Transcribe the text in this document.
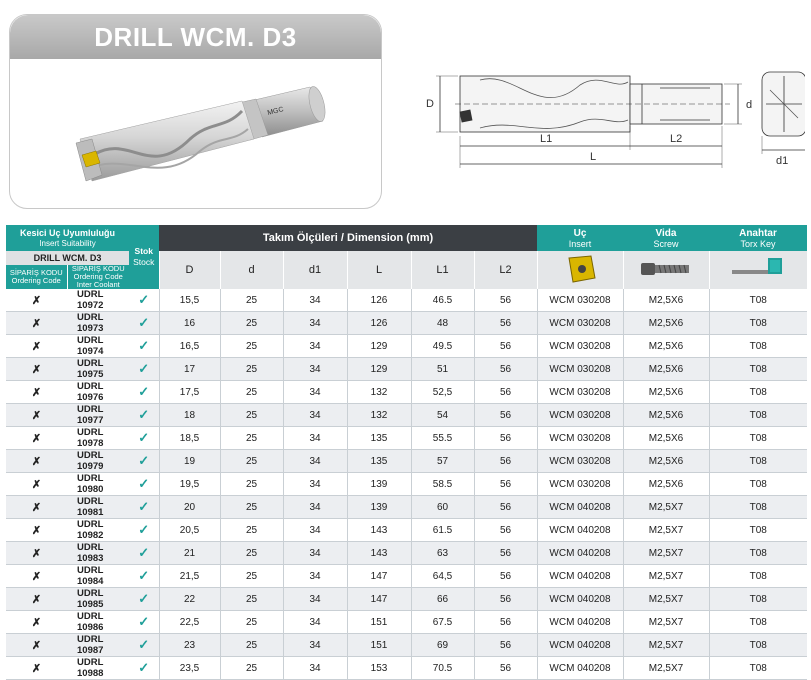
DRILL WCM. D3
MGC
D	d
L1	L2
L	d1
Kesici Uç Uyumluluğu
Insert Suitability		Stok Stock	Takım Ölçüleri / Dimension (mm)						Uç
Insert	Vida
Screw	Anahtar
Torx Key

DRILL WCM. D3			D	d	d1	L	L1	L2			

SİPARİŞ KODU
Ordering Code	SİPARİŞ KODU
Ordering Code
Inter Coolant										

✗	UDRL 10972	✓	15,5	25	34	126	46.5	56	WCM 030208	M2,5X6	T08
✗	UDRL 10973	✓	16	25	34	126	48	56	WCM 030208	M2,5X6	T08
✗	UDRL 10974	✓	16,5	25	34	129	49.5	56	WCM 030208	M2,5X6	T08
✗	UDRL 10975	✓	17	25	34	129	51	56	WCM 030208	M2,5X6	T08
✗	UDRL 10976	✓	17,5	25	34	132	52,5	56	WCM 030208	M2,5X6	T08
✗	UDRL 10977	✓	18	25	34	132	54	56	WCM 030208	M2,5X6	T08
✗	UDRL 10978	✓	18,5	25	34	135	55.5	56	WCM 030208	M2,5X6	T08
✗	UDRL 10979	✓	19	25	34	135	57	56	WCM 030208	M2,5X6	T08
✗	UDRL 10980	✓	19,5	25	34	139	58.5	56	WCM 030208	M2,5X6	T08
✗	UDRL 10981	✓	20	25	34	139	60	56	WCM 040208	M2,5X7	T08
✗	UDRL 10982	✓	20,5	25	34	143	61.5	56	WCM 040208	M2,5X7	T08
✗	UDRL 10983	✓	21	25	34	143	63	56	WCM 040208	M2,5X7	T08
✗	UDRL 10984	✓	21,5	25	34	147	64,5	56	WCM 040208	M2,5X7	T08
✗	UDRL 10985	✓	22	25	34	147	66	56	WCM 040208	M2,5X7	T08
✗	UDRL 10986	✓	22,5	25	34	151	67.5	56	WCM 040208	M2,5X7	T08
✗	UDRL 10987	✓	23	25	34	151	69	56	WCM 040208	M2,5X7	T08
✗	UDRL 10988	✓	23,5	25	34	153	70.5	56	WCM 040208	M2,5X7	T08
